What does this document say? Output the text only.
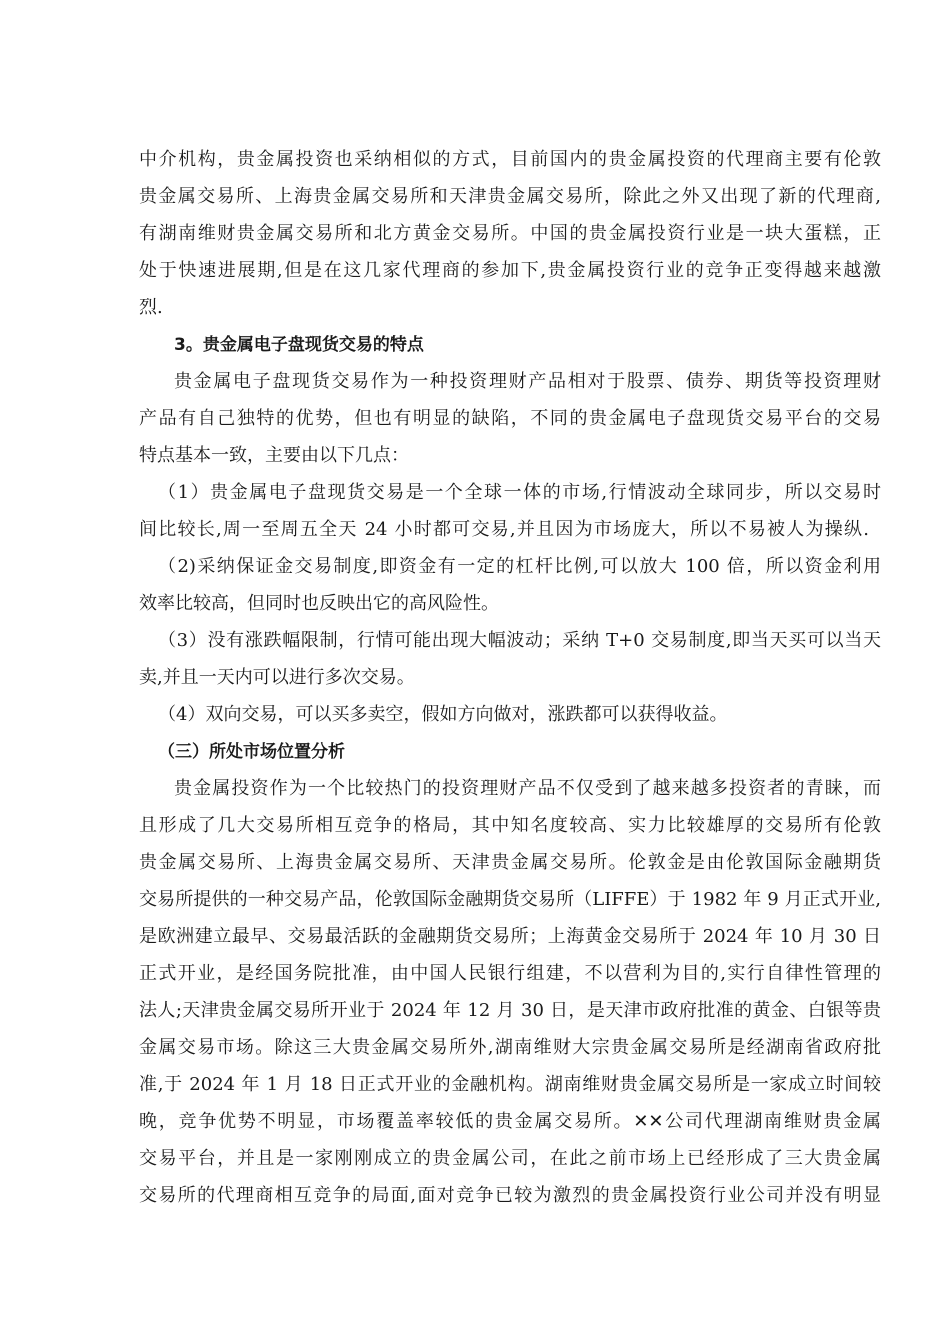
中介机构，贵金属投资也采纳相似的方式，目前国内的贵金属投资的代理商主要有伦敦
贵金属交易所、上海贵金属交易所和天津贵金属交易所，除此之外又出现了新的代理商,
有湖南维财贵金属交易所和北方黄金交易所。中国的贵金属投资行业是一块大蛋糕，正
处于快速进展期,但是在这几家代理商的参加下,贵金属投资行业的竞争正变得越来越激
烈.
3。贵金属电子盘现货交易的特点
贵金属电子盘现货交易作为一种投资理财产品相对于股票、债券、期货等投资理财
产品有自己独特的优势，但也有明显的缺陷，不同的贵金属电子盘现货交易平台的交易
特点基本一致，主要由以下几点：
（1）贵金属电子盘现货交易是一个全球一体的市场,行情波动全球同步，所以交易时
间比较长,周一至周五全天 24 小时都可交易,并且因为市场庞大，所以不易被人为操纵.
（2)采纳保证金交易制度,即资金有一定的杠杆比例,可以放大 100 倍，所以资金利用
效率比较高，但同时也反映出它的高风险性。
（3）没有涨跌幅限制，行情可能出现大幅波动；采纳 T+0 交易制度,即当天买可以当天
卖,并且一天内可以进行多次交易。
（4）双向交易，可以买多卖空，假如方向做对，涨跌都可以获得收益。
（三）所处市场位置分析
贵金属投资作为一个比较热门的投资理财产品不仅受到了越来越多投资者的青睐，而
且形成了几大交易所相互竞争的格局，其中知名度较高、实力比较雄厚的交易所有伦敦
贵金属交易所、上海贵金属交易所、天津贵金属交易所。伦敦金是由伦敦国际金融期货
交易所提供的一种交易产品，伦敦国际金融期货交易所（LIFFE）于 1982 年 9 月正式开业,
是欧洲建立最早、交易最活跃的金融期货交易所；上海黄金交易所于 2024 年 10 月 30 日
正式开业，是经国务院批准，由中国人民银行组建，不以营利为目的,实行自律性管理的
法人;天津贵金属交易所开业于 2024 年 12 月 30 日，是天津市政府批准的黄金、白银等贵
金属交易市场。除这三大贵金属交易所外,湖南维财大宗贵金属交易所是经湖南省政府批
准,于 2024 年 1 月 18 日正式开业的金融机构。湖南维财贵金属交易所是一家成立时间较
晚，竞争优势不明显，市场覆盖率较低的贵金属交易所。✕✕公司代理湖南维财贵金属
交易平台，并且是一家刚刚成立的贵金属公司，在此之前市场上已经形成了三大贵金属
交易所的代理商相互竞争的局面,面对竞争已较为激烈的贵金属投资行业公司并没有明显
